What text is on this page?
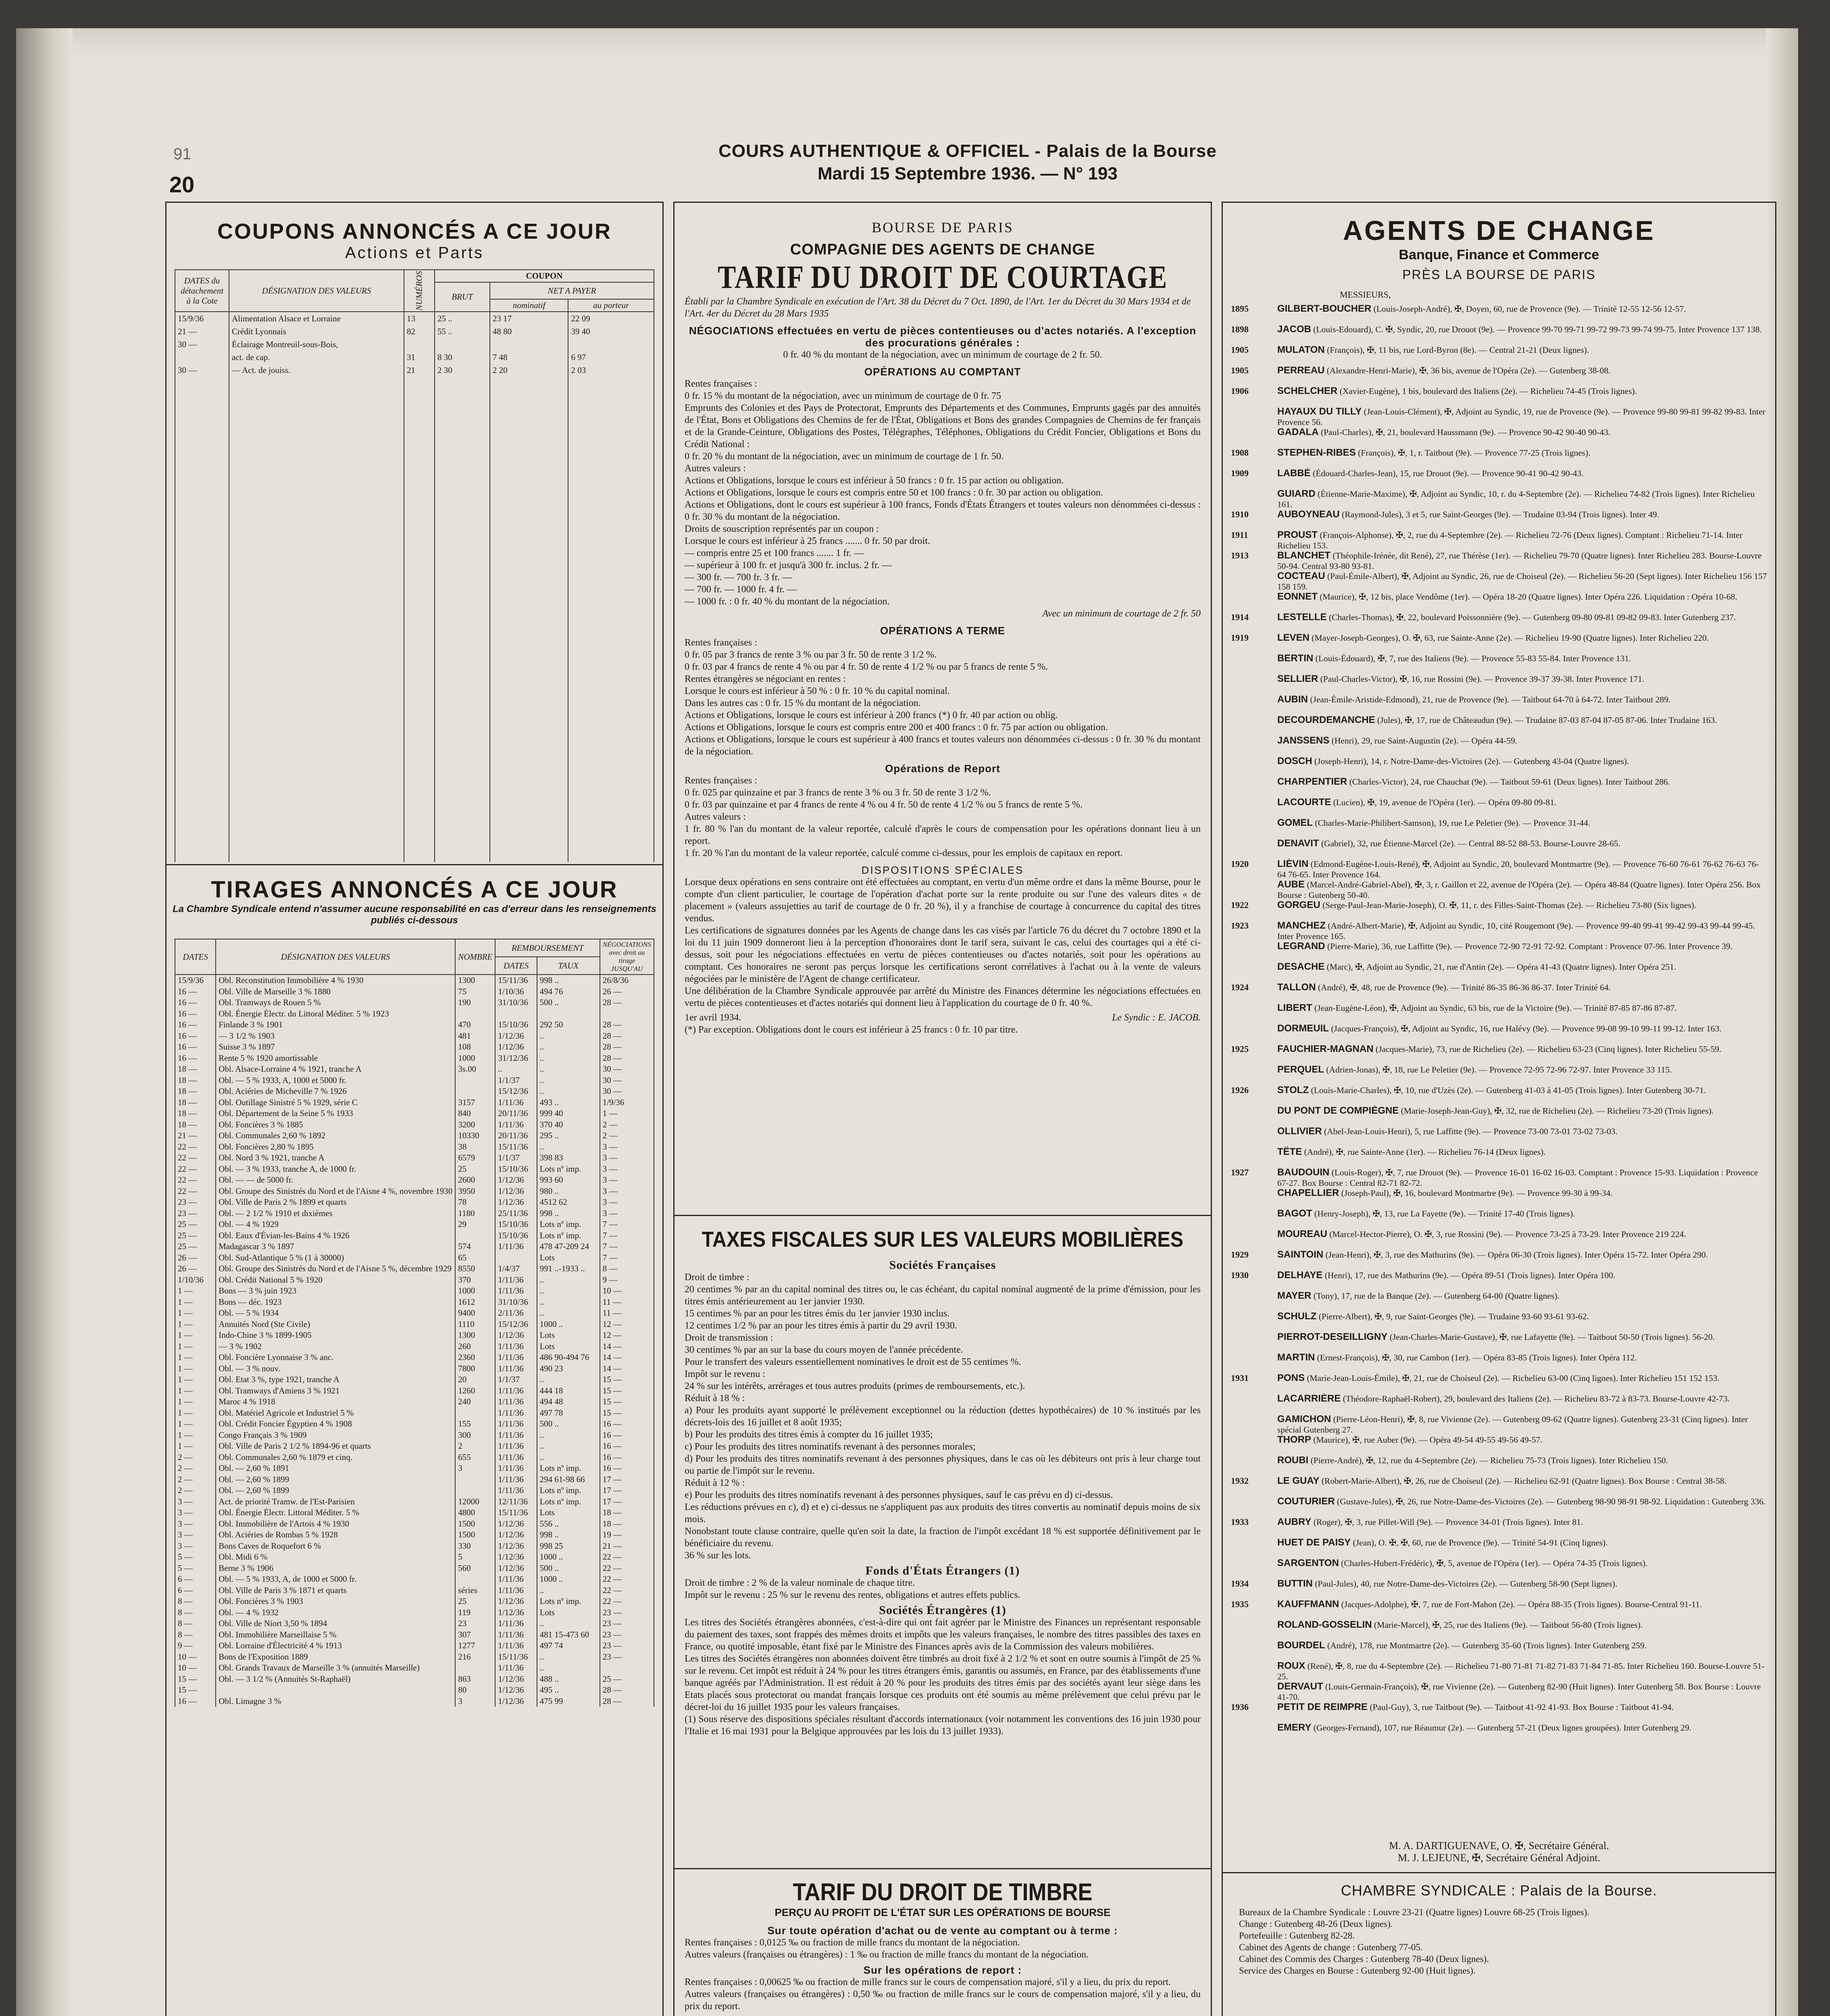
91
20
COURS AUTHENTIQUE & OFFICIEL - Palais de la Bourse
Mardi 15 Septembre 1936. — N° 193
COUPONS ANNONCÉS A CE JOUR
Actions et Parts
DATES du détachement à la Cote	DÉSIGNATION DES VALEURS	NUMÉROS	COUPON		
			BRUT	NET A PAYER	
				nominatif	au porteur
15/9/36	Alimentation Alsace et Lorraine	13	25 ..	23 17	22 09
21 —	Crédit Lyonnais	82	55 ..	48 80	39 40
30 —	Éclairage Montreuil-sous-Bois,				
	act. de cap.	31	8 30	7 48	6 97
30 —	— Act. de jouiss.	21	2 30	2 20	2 03

TIRAGES ANNONCÉS A CE JOUR
La Chambre Syndicale entend n'assumer aucune responsabilité en cas d'erreur dans les renseignements publiés ci-dessous
DATES	DÉSIGNATION DES VALEURS	NOMBRE	REMBOURSEMENT		NÉGOCIATIONS avec droit au tirage JUSQU'AU
			DATES	TAUX	
15/9/36	Obl. Reconstitution Immobilière 4 % 1930	1300	15/11/36	998 ..	26/8/36
16 —	Obl. Ville de Marseille 3 % 1880	75	1/10/36	494 76	26 —
16 —	Obl. Tramways de Rouen 5 %	190	31/10/36	500 ..	28 —
16 —	Obl. Énergie Électr. du Littoral Méditer. 5 % 1923				
16 —	Finlande 3 % 1901	470	15/10/36	292 50	28 —
16 —	— 3 1/2 % 1903	481	1/12/36	..	28 —
16 —	Suisse 3 % 1897	108	1/12/36	..	28 —
16 —	Rente 5 % 1920 amortissable	1000	31/12/36	..	28 —
18 —	Obl. Alsace-Lorraine 4 % 1921, tranche A	3s.00	..	..	30 —
18 —	Obl. — 5 % 1933, A, 1000 et 5000 fr.		1/1/37	..	30 —
18 —	Obl. Aciéries de Micheville 7 % 1926		15/12/36	..	30 —
18 —	Obl. Outillage Sinistré 5 % 1929, série C	3157	1/11/36	493 ..	1/9/36
18 —	Obl. Département de la Seine 5 % 1933	840	20/11/36	999 40	1 —
18 —	Obl. Foncières 3 % 1885	3200	1/11/36	370 40	2 —
21 —	Obl. Communales 2,60 % 1892	10330	20/11/36	295 ..	2 —
22 —	Obl. Foncières 2,80 % 1895	38	15/11/36	..	3 —
22 —	Obl. Nord 3 % 1921, tranche A	6579	1/1/37	398 83	3 —
22 —	Obl. — 3 % 1933, tranche A, de 1000 fr.	25	15/10/36	Lots nº imp.	3 —
22 —	Obl. — — de 5000 fr.	2600	1/12/36	993 60	3 —
22 —	Obl. Groupe des Sinistrés du Nord et de l'Aisne 4 %, novembre 1930	3950	1/12/36	980 ..	3 —
23 —	Obl. Ville de Paris 2 % 1899 et quarts	78	1/12/36	4512 62	3 —
23 —	Obl. — 2 1/2 % 1910 et dixièmes	1180	25/11/36	998 ..	3 —
25 —	Obl. — 4 % 1929	29	15/10/36	Lots nº imp.	7 —
25 —	Obl. Eaux d'Évian-les-Bains 4 % 1926		15/10/36	Lots nº imp.	7 —
25 —	Madagascar 3 % 1897	574	1/11/36	478 47-209 24	7 —
26 —	Obl. Sud-Atlantique 5 % (1 à 30000)	65		Lots	7 —
26 —	Obl. Groupe des Sinistrés du Nord et de l'Aisne 5 %, décembre 1929	8550	1/4/37	991 ..-1933 ..	8 —
1/10/36	Obl. Crédit National 5 % 1920	370	1/11/36	..	9 —
1 —	Bons — 3 % juin 1923	1000	1/11/36	..	10 —
1 —	Bons — déc. 1923	1612	31/10/36	..	11 —
1 —	Obl. — 5 % 1934	9400	2/11/36	..	11 —
1 —	Annuités Nord (Ste Civile)	1110	15/12/36	1000 ..	12 —
1 —	Indo-Chine 3 % 1899-1905	1300	1/12/36	Lots	12 —
1 —	— 3 % 1902	260	1/11/36	Lots	14 —
1 —	Obl. Foncière Lyonnaise 3 % anc.	2360	1/11/36	486 90-494 76	14 —
1 —	Obl. — 3 % nouv.	7800	1/11/36	490 23	14 —
1 —	Obl. Etat 3 %, type 1921, tranche A	20	1/1/37	..	15 —
1 —	Obl. Tramways d'Amiens 3 % 1921	1260	1/11/36	444 18	15 —
1 —	Maroc 4 % 1918	240	1/11/36	494 48	15 —
1 —	Obl. Matériel Agricole et Industriel 5 %		1/11/36	497 78	15 —
1 —	Obl. Crédit Foncier Égyptien 4 % 1908	155	1/11/36	500 ..	16 —
1 —	Congo Français 3 % 1909	300	1/11/36	..	16 —
1 —	Obl. Ville de Paris 2 1/2 % 1894-96 et quarts	2	1/11/36	..	16 —
2 —	Obl. Communales 2,60 % 1879 et cinq.	655	1/11/36	..	16 —
2 —	Obl. — 2,60 % 1891	3	1/11/36	Lots nº imp.	16 —
2 —	Obl. — 2,60 % 1899		1/11/36	294 61-98 66	17 —
2 —	Obl. — 2,60 % 1899		1/11/36	Lots nº imp.	17 —
3 —	Act. de priorité Tramw. de l'Est-Parisien	12000	12/11/36	Lots nº imp.	17 —
3 —	Obl. Énergie Électr. Littoral Méditer. 5 %	4800	15/11/36	Lots	18 —
3 —	Obl. Immobilière de l'Artois 4 % 1930	1500	1/12/36	556 ..	18 —
3 —	Obl. Aciéries de Rombas 5 % 1928	1500	1/12/36	998 ..	19 —
3 —	Bons Caves de Roquefort 6 %	330	1/12/36	998 25	21 —
5 —	Obl. Midi 6 %	5	1/12/36	1000 ..	22 —
5 —	Berne 3 % 1906	560	1/12/36	500 ..	22 —
6 —	Obl. — 5 % 1933, A, de 1000 et 5000 fr.		1/11/36	1000 ..	22 —
6 —	Obl. Ville de Paris 3 % 1871 et quarts	séries	1/11/36	..	22 —
8 —	Obl. Foncières 3 % 1903	25	1/12/36	Lots nº imp.	22 —
8 —	Obl. — 4 % 1932	119	1/12/36	Lots	23 —
8 —	Obl. Ville de Niort 3,50 % 1894	23	1/11/36	..	23 —
8 —	Obl. Immobilière Marseillaise 5 %	307	1/11/36	481 15-473 60	23 —
9 —	Obl. Lorraine d'Électricité 4 % 1913	1277	1/11/36	497 74	23 —
10 —	Bons de l'Exposition 1889	216	15/11/36	..	23 —
10 —	Obl. Grands Travaux de Marseille 3 % (annuités Marseille)		1/11/36	..	
15 —	Obl. — 3 1/2 % (Annuités St-Raphaël)	863	1/12/36	488 ..	25 —
15 —		80	1/12/36	495 ..	28 —
16 —	Obl. Limagne 3 %	3	1/12/36	475 99	28 —
BOURSE DE PARIS
COMPAGNIE DES AGENTS DE CHANGE
TARIF DU DROIT DE COURTAGE

Établi par la Chambre Syndicale en exécution de l'Art. 38 du Décret du 7 Oct. 1890, de l'Art. 1er du Décret du 30 Mars 1934 et de l'Art. 4er du Décret du 28 Mars 1935

NÉGOCIATIONS effectuées en vertu de pièces contentieuses ou d'actes notariés. A l'exception des procurations générales :

0 fr. 40 % du montant de la négociation, avec un minimum de courtage de 2 fr. 50.

OPÉRATIONS AU COMPTANT

Rentes françaises :

0 fr. 15 % du montant de la négociation, avec un minimum de courtage de 0 fr. 75

Emprunts des Colonies et des Pays de Protectorat, Emprunts des Départements et des Communes, Emprunts gagés par des annuités de l'État, Bons et Obligations des Chemins de fer de l'État, Obligations et Bons des grandes Compagnies de Chemins de fer français et de la Grande-Ceinture, Obligations des Postes, Télégraphes, Téléphones, Obligations du Crédit Foncier, Obligations et Bons du Crédit National :

0 fr. 20 % du montant de la négociation, avec un minimum de courtage de 1 fr. 50.

Autres valeurs :

Actions et Obligations, lorsque le cours est inférieur à 50 francs : 0 fr. 15 par action ou obligation.

Actions et Obligations, lorsque le cours est compris entre 50 et 100 francs : 0 fr. 30 par action ou obligation.

Actions et Obligations, dont le cours est supérieur à 100 francs, Fonds d'États Étrangers et toutes valeurs non dénommées ci-dessus : 0 fr. 30 % du montant de la négociation.

Droits de souscription représentés par un coupon :

Lorsque le cours est inférieur à 25 francs ....... 0 fr. 50 par droit.

— compris entre 25 et 100 francs ....... 1 fr. —

— supérieur à 100 fr. et jusqu'à 300 fr. inclus. 2 fr. —

— 300 fr. — 700 fr. 3 fr. —

— 700 fr. — 1000 fr. 4 fr. —

— 1000 fr. : 0 fr. 40 % du montant de la négociation.

Avec un minimum de courtage de 2 fr. 50

OPÉRATIONS A TERME

Rentes françaises :

0 fr. 05 par 3 francs de rente 3 % ou par 3 fr. 50 de rente 3 1/2 %.

0 fr. 03 par 4 francs de rente 4 % ou par 4 fr. 50 de rente 4 1/2 % ou par 5 francs de rente 5 %.

Rentes étrangères se négociant en rentes :

Lorsque le cours est inférieur à 50 % : 0 fr. 10 % du capital nominal.

Dans les autres cas : 0 fr. 15 % du montant de la négociation.

Actions et Obligations, lorsque le cours est inférieur à 200 francs (*) 0 fr. 40 par action ou oblig.

Actions et Obligations, lorsque le cours est compris entre 200 et 400 francs : 0 fr. 75 par action ou obligation.

Actions et Obligations, lorsque le cours est supérieur à 400 francs et toutes valeurs non dénommées ci-dessus : 0 fr. 30 % du montant de la négociation.

Opérations de Report

Rentes françaises :

0 fr. 025 par quinzaine et par 3 francs de rente 3 % ou 3 fr. 50 de rente 3 1/2 %.

0 fr. 03 par quinzaine et par 4 francs de rente 4 % ou 4 fr. 50 de rente 4 1/2 % ou 5 francs de rente 5 %.

Autres valeurs :

1 fr. 80 % l'an du montant de la valeur reportée, calculé d'après le cours de compensation pour les opérations donnant lieu à un report.

1 fr. 20 % l'an du montant de la valeur reportée, calculé comme ci-dessus, pour les emplois de capitaux en report.

DISPOSITIONS SPÉCIALES

Lorsque deux opérations en sens contraire ont été effectuées au comptant, en vertu d'un même ordre et dans la même Bourse, pour le compte d'un client particulier, le courtage de l'opération d'achat porte sur la rente produite ou sur l'une des valeurs dites « de placement » (valeurs assujetties au tarif de courtage de 0 fr. 20 %), il y a franchise de courtage à concurrence du capital des titres vendus.

Les certifications de signatures données par les Agents de change dans les cas visés par l'article 76 du décret du 7 octobre 1890 et la loi du 11 juin 1909 donneront lieu à la perception d'honoraires dont le tarif sera, suivant le cas, celui des courtages qui a été ci-dessus, soit pour les négociations effectuées en vertu de pièces contentieuses ou d'actes notariés, soit pour les opérations au comptant. Ces honoraires ne seront pas perçus lorsque les certifications seront corrélatives à l'achat ou à la vente de valeurs négociées par le ministère de l'Agent de change certificateur.

Une délibération de la Chambre Syndicale approuvée par arrêté du Ministre des Finances détermine les négociations effectuées en vertu de pièces contentieuses et d'actes notariés qui donnent lieu à l'application du courtage de 0 fr. 40 %.

1er avril 1934.	Le Syndic : E. JACOB.

(*) Par exception. Obligations dont le cours est inférieur à 25 francs : 0 fr. 10 par titre.

TAXES FISCALES SUR LES VALEURS MOBILIÈRES

Sociétés Françaises

Droit de timbre :

20 centimes % par an du capital nominal des titres ou, le cas échéant, du capital nominal augmenté de la prime d'émission, pour les titres émis antérieurement au 1er janvier 1930.

15 centimes % par an pour les titres émis du 1er janvier 1930 inclus.

12 centimes 1/2 % par an pour les titres émis à partir du 29 avril 1930.

Droit de transmission :

30 centimes % par an sur la base du cours moyen de l'année précédente.

Pour le transfert des valeurs essentiellement nominatives le droit est de 55 centimes %.

Impôt sur le revenu :

24 % sur les intérêts, arrérages et tous autres produits (primes de remboursements, etc.).

Réduit à 18 % :

a) Pour les produits ayant supporté le prélèvement exceptionnel ou la réduction (dettes hypothécaires) de 10 % institués par les décrets-lois des 16 juillet et 8 août 1935;

b) Pour les produits des titres émis à compter du 16 juillet 1935;

c) Pour les produits des titres nominatifs revenant à des personnes morales;

d) Pour les produits des titres nominatifs revenant à des personnes physiques, dans le cas où les débiteurs ont pris à leur charge tout ou partie de l'impôt sur le revenu.

Réduit à 12 % :

e) Pour les produits des titres nominatifs revenant à des personnes physiques, sauf le cas prévu en d) ci-dessus.

Les réductions prévues en c), d) et e) ci-dessus ne s'appliquent pas aux produits des titres convertis au nominatif depuis moins de six mois.

Nonobstant toute clause contraire, quelle qu'en soit la date, la fraction de l'impôt excédant 18 % est supportée définitivement par le bénéficiaire du revenu.

36 % sur les lots.

Fonds d'États Étrangers (1)

Droit de timbre : 2 % de la valeur nominale de chaque titre.

Impôt sur le revenu : 25 % sur le revenu des rentes, obligations et autres effets publics.

Sociétés Étrangères (1)

Les titres des Sociétés étrangères abonnées, c'est-à-dire qui ont fait agréer par le Ministre des Finances un représentant responsable du paiement des taxes, sont frappés des mêmes droits et impôts que les valeurs françaises, le nombre des titres passibles des taxes en France, ou quotité imposable, étant fixé par le Ministre des Finances après avis de la Commission des valeurs mobilières.

Les titres des Sociétés étrangères non abonnées doivent être timbrés au droit fixé à 2 1/2 % et sont en outre soumis à l'impôt de 25 % sur le revenu. Cet impôt est réduit à 24 % pour les titres étrangers émis, garantis ou assumés, en France, par des établissements d'une banque agréés par l'Administration. Il est réduit à 20 % pour les produits des titres émis par des sociétés ayant leur siège dans les Etats placés sous protectorat ou mandat français lorsque ces produits ont été soumis au même prélèvement que celui prévu par le décret-loi du 16 juillet 1935 pour les valeurs françaises.

(1) Sous réserve des dispositions spéciales résultant d'accords internationaux (voir notamment les conventions des 16 juin 1930 pour l'Italie et 16 mai 1931 pour la Belgique approuvées par les lois du 13 juillet 1933).

TARIF DU DROIT DE TIMBRE
PERÇU AU PROFIT DE L'ÉTAT SUR LES OPÉRATIONS DE BOURSE

Sur toute opération d'achat ou de vente au comptant ou à terme :

Rentes françaises : 0,0125 ‰ ou fraction de mille francs du montant de la négociation.

Autres valeurs (françaises ou étrangères) : 1 ‰ ou fraction de mille francs du montant de la négociation.

Sur les opérations de report :

Rentes françaises : 0,00625 ‰ ou fraction de mille francs sur le cours de compensation majoré, s'il y a lieu, du prix du report.

Autres valeurs (françaises ou étrangères) : 0,50 ‰ ou fraction de mille francs sur le cours de compensation majoré, s'il y a lieu, du prix du report.

AGENTS DE CHANGE
Banque, Finance et Commerce
PRÈS LA BOURSE DE PARIS
MESSIEURS,
1895	GILBERT-BOUCHER (Louis-Joseph-André), ✠, Doyen, 60, rue de Provence (9e). — Trinité 12-55 12-56 12-57.
1898	JACOB (Louis-Edouard), C. ✠, Syndic, 20, rue Drouot (9e). — Provence 99-70 99-71 99-72 99-73 99-74 99-75. Inter Provence 137 138.
1905	MULATON (François), ✠, 11 bis, rue Lord-Byron (8e). — Central 21-21 (Deux lignes).
1905	PERREAU (Alexandre-Henri-Marie), ✠, 36 bis, avenue de l'Opéra (2e). — Gutenberg 38-08.
1906	SCHELCHER (Xavier-Eugène), 1 bis, boulevard des Italiens (2e). — Richelieu 74-45 (Trois lignes).
HAYAUX DU TILLY (Jean-Louis-Clément), ✠, Adjoint au Syndic, 19, rue de Provence (9e). — Provence 99-80 99-81 99-82 99-83. Inter Provence 56.
GADALA (Paul-Charles), ✠, 21, boulevard Haussmann (9e). — Provence 90-42 90-40 90-43.
1908	STEPHEN-RIBES (François), ✠, 1, r. Taitbout (9e). — Provence 77-25 (Trois lignes).
1909	LABBÉ (Édouard-Charles-Jean), 15, rue Drouot (9e). — Provence 90-41 90-42 90-43.
GUIARD (Étienne-Marie-Maxime), ✠, Adjoint au Syndic, 10, r. du 4-Septembre (2e). — Richelieu 74-82 (Trois lignes). Inter Richelieu 161.
1910	AUBOYNEAU (Raymond-Jules), 3 et 5, rue Saint-Georges (9e). — Trudaine 03-94 (Trois lignes). Inter 49.
1911	PROUST (François-Alphonse), ✠, 2, rue du 4-Septembre (2e). — Richelieu 72-76 (Deux lignes). Comptant : Richelieu 71-14. Inter Richelieu 153.
1913	BLANCHET (Théophile-Irénée, dit René), 27, rue Thérèse (1er). — Richelieu 79-70 (Quatre lignes). Inter Richelieu 283. Bourse-Louvre 50-94. Central 93-80 93-81.
COCTEAU (Paul-Émile-Albert), ✠, Adjoint au Syndic, 26, rue de Choiseul (2e). — Richelieu 56-20 (Sept lignes). Inter Richelieu 156 157 158 159.
EONNET (Maurice), ✠, 12 bis, place Vendôme (1er). — Opéra 18-20 (Quatre lignes). Inter Opéra 226. Liquidation : Opéra 10-68.
1914	LESTELLE (Charles-Thomas), ✠, 22, boulevard Poissonnière (9e). — Gutenberg 09-80 09-81 09-82 09-83. Inter Gutenberg 237.
1919	LEVEN (Mayer-Joseph-Georges), O. ✠, 63, rue Sainte-Anne (2e). — Richelieu 19-90 (Quatre lignes). Inter Richelieu 220.
BERTIN (Louis-Édouard), ✠, 7, rue des Italiens (9e). — Provence 55-83 55-84. Inter Provence 131.
SELLIER (Paul-Charles-Victor), ✠, 16, rue Rossini (9e). — Provence 39-37 39-38. Inter Provence 171.
AUBIN (Jean-Émile-Aristide-Edmond), 21, rue de Provence (9e). — Taitbout 64-70 à 64-72. Inter Taitbout 289.
DECOURDEMANCHE (Jules), ✠, 17, rue de Châteaudun (9e). — Trudaine 87-03 87-04 87-05 87-06. Inter Trudaine 163.
JANSSENS (Henri), 29, rue Saint-Augustin (2e). — Opéra 44-59.
DOSCH (Joseph-Henri), 14, r. Notre-Dame-des-Victoires (2e). — Gutenberg 43-04 (Quatre lignes).
CHARPENTIER (Charles-Victor), 24, rue Chauchat (9e). — Taitbout 59-61 (Deux lignes). Inter Taitbout 286.
LACOURTE (Lucien), ✠, 19, avenue de l'Opéra (1er). — Opéra 09-80 09-81.
GOMEL (Charles-Marie-Philibert-Samson), 19, rue Le Peletier (9e). — Provence 31-44.
DENAVIT (Gabriel), 32, rue Étienne-Marcel (2e). — Central 88-52 88-53. Bourse-Louvre 28-65.
1920	LIÉVIN (Edmond-Eugène-Louis-René), ✠, Adjoint au Syndic, 20, boulevard Montmartre (9e). — Provence 76-60 76-61 76-62 76-63 76-64 76-65. Inter Provence 164.
AUBE (Marcel-André-Gabriel-Abel), ✠, 3, r. Gaillon et 22, avenue de l'Opéra (2e). — Opéra 48-84 (Quatre lignes). Inter Opéra 256. Box Bourse : Gutenberg 50-40.
1922	GORGEU (Serge-Paul-Jean-Marie-Joseph), O. ✠, 11, r. des Filles-Saint-Thomas (2e). — Richelieu 73-80 (Six lignes).
1923	MANCHEZ (André-Albert-Marie), ✠, Adjoint au Syndic, 10, cité Rougemont (9e). — Provence 99-40 99-41 99-42 99-43 99-44 99-45. Inter Provence 165.
LEGRAND (Pierre-Marie), 36, rue Laffitte (9e). — Provence 72-90 72-91 72-92. Comptant : Provence 07-96. Inter Provence 39.
DESACHE (Marc), ✠, Adjoint au Syndic, 21, rue d'Antin (2e). — Opéra 41-43 (Quatre lignes). Inter Opéra 251.
1924	TALLON (André), ✠, 48, rue de Provence (9e). — Trinité 86-35 86-36 86-37. Inter Trinité 64.
LIBERT (Jean-Eugène-Léon), ✠, Adjoint au Syndic, 63 bis, rue de la Victoire (9e). — Trinité 87-85 87-86 87-87.
DORMEUIL (Jacques-François), ✠, Adjoint au Syndic, 16, rue Halévy (9e). — Provence 99-08 99-10 99-11 99-12. Inter 163.
1925	FAUCHIER-MAGNAN (Jacques-Marie), 73, rue de Richelieu (2e). — Richelieu 63-23 (Cinq lignes). Inter Richelieu 55-59.
PERQUEL (Adrien-Jonas), ✠, 18, rue Le Peletier (9e). — Provence 72-95 72-96 72-97. Inter Provence 33 115.
1926	STOLZ (Louis-Marie-Charles), ✠, 10, rue d'Uzès (2e). — Gutenberg 41-03 à 41-05 (Trois lignes). Inter Gutenberg 30-71.
DU PONT DE COMPIÈGNE (Marie-Joseph-Jean-Guy), ✠, 32, rue de Richelieu (2e). — Richelieu 73-20 (Trois lignes).
OLLIVIER (Abel-Jean-Louis-Henri), 5, rue Laffitte (9e). — Provence 73-00 73-01 73-02 73-03.
TÊTE (André), ✠, rue Sainte-Anne (1er). — Richelieu 76-14 (Deux lignes).
1927	BAUDOUIN (Louis-Roger), ✠, 7, rue Drouot (9e). — Provence 16-01 16-02 16-03. Comptant : Provence 15-93. Liquidation : Provence 67-27. Box Bourse : Central 82-71 82-72.
CHAPELLIER (Joseph-Paul), ✠, 16, boulevard Montmartre (9e). — Provence 99-30 à 99-34.
BAGOT (Henry-Joseph), ✠, 13, rue La Fayette (9e). — Trinité 17-40 (Trois lignes).
MOUREAU (Marcel-Hector-Pierre), O. ✠, 3, rue Rossini (9e). — Provence 73-25 à 73-29. Inter Provence 219 224.
1929	SAINTOIN (Jean-Henri), ✠, 3, rue des Mathurins (9e). — Opéra 06-30 (Trois lignes). Inter Opéra 15-72. Inter Opéra 290.
1930	DELHAYE (Henri), 17, rue des Mathurins (9e). — Opéra 89-51 (Trois lignes). Inter Opéra 100.
MAYER (Tony), 17, rue de la Banque (2e). — Gutenberg 64-00 (Quatre lignes).
SCHULZ (Pierre-Albert), ✠, 9, rue Saint-Georges (9e). — Trudaine 93-60 93-61 93-62.
PIERROT-DESEILLIGNY (Jean-Charles-Marie-Gustave), ✠, rue Lafayette (9e). — Taitbout 50-50 (Trois lignes). 56-20.
MARTIN (Ernest-François), ✠, 30, rue Cambon (1er). — Opéra 83-85 (Trois lignes). Inter Opéra 112.
1931	PONS (Marie-Jean-Louis-Émile), ✠, 21, rue de Choiseul (2e). — Richelieu 63-00 (Cinq lignes). Inter Richelieu 151 152 153.
LACARRIÈRE (Théodore-Raphaël-Robert), 29, boulevard des Italiens (2e). — Richelieu 83-72 à 83-73. Bourse-Louvre 42-73.
GAMICHON (Pierre-Léon-Henri), ✠, 8, rue Vivienne (2e). — Gutenberg 09-62 (Quatre lignes). Gutenberg 23-31 (Cinq lignes). Inter spécial Gutenberg 27.
THORP (Maurice), ✠, rue Auber (9e). — Opéra 49-54 49-55 49-56 49-57.
ROUBI (Pierre-André), ✠, 12, rue du 4-Septembre (2e). — Richelieu 75-73 (Trois lignes). Inter Richelieu 150.
1932	LE GUAY (Robert-Marie-Albert), ✠, 26, rue de Choiseul (2e). — Richelieu 62-91 (Quatre lignes). Box Bourse : Central 38-58.
COUTURIER (Gustave-Jules), ✠, 26, rue Notre-Dame-des-Victoires (2e). — Gutenberg 98-90 98-91 98-92. Liquidation : Gutenberg 336.
1933	AUBRY (Roger), ✠, 3, rue Pillet-Will (9e). — Provence 34-01 (Trois lignes). Inter 81.
HUET DE PAISY (Jean), O. ✠, ✠, 60, rue de Provence (9e). — Trinité 54-91 (Cinq lignes).
SARGENTON (Charles-Hubert-Frédéric), ✠, 5, avenue de l'Opéra (1er). — Opéra 74-35 (Trois lignes).
1934	BUTTIN (Paul-Jules), 40, rue Notre-Dame-des-Victoires (2e). — Gutenberg 58-90 (Sept lignes).
1935	KAUFFMANN (Jacques-Adolphe), ✠, 7, rue de Fort-Mahon (2e). — Opéra 88-35 (Trois lignes). Bourse-Central 91-11.
ROLAND-GOSSELIN (Marie-Marcel), ✠, 25, rue des Italiens (9e). — Taitbout 56-80 (Trois lignes).
BOURDEL (André), 178, rue Montmartre (2e). — Gutenberg 35-60 (Trois lignes). Inter Gutenberg 259.
ROUX (René), ✠, 8, rue du 4-Septembre (2e). — Richelieu 71-80 71-81 71-82 71-83 71-84 71-85. Inter Richelieu 160. Bourse-Louvre 51-25.
DERVAUT (Louis-Germain-François), ✠, rue Vivienne (2e). — Gutenberg 82-90 (Huit lignes). Inter Gutenberg 58. Box Bourse : Louvre 41-70.
1936	PETIT DE REIMPRE (Paul-Guy), 3, rue Taitbout (9e). — Taitbout 41-92 41-93. Box Bourse : Taitbout 41-94.
EMERY (Georges-Fernand), 107, rue Réaumur (2e). — Gutenberg 57-21 (Deux lignes groupées). Inter Gutenberg 29.
M. A. DARTIGUENAVE, O. ✠, Secrétaire Général.
M. J. LEJEUNE, ✠, Secrétaire Général Adjoint.
CHAMBRE SYNDICALE : Palais de la Bourse.
Bureaux de la Chambre Syndicale : Louvre 23-21 (Quatre lignes) Louvre 68-25 (Trois lignes).
Change : Gutenberg 48-26 (Deux lignes).
Portefeuille : Gutenberg 82-28.
Cabinet des Agents de change : Gutenberg 77-05.
Cabinet des Commis des Charges : Gutenberg 78-40 (Deux lignes).
Service des Charges en Bourse : Gutenberg 92-00 (Huit lignes).
